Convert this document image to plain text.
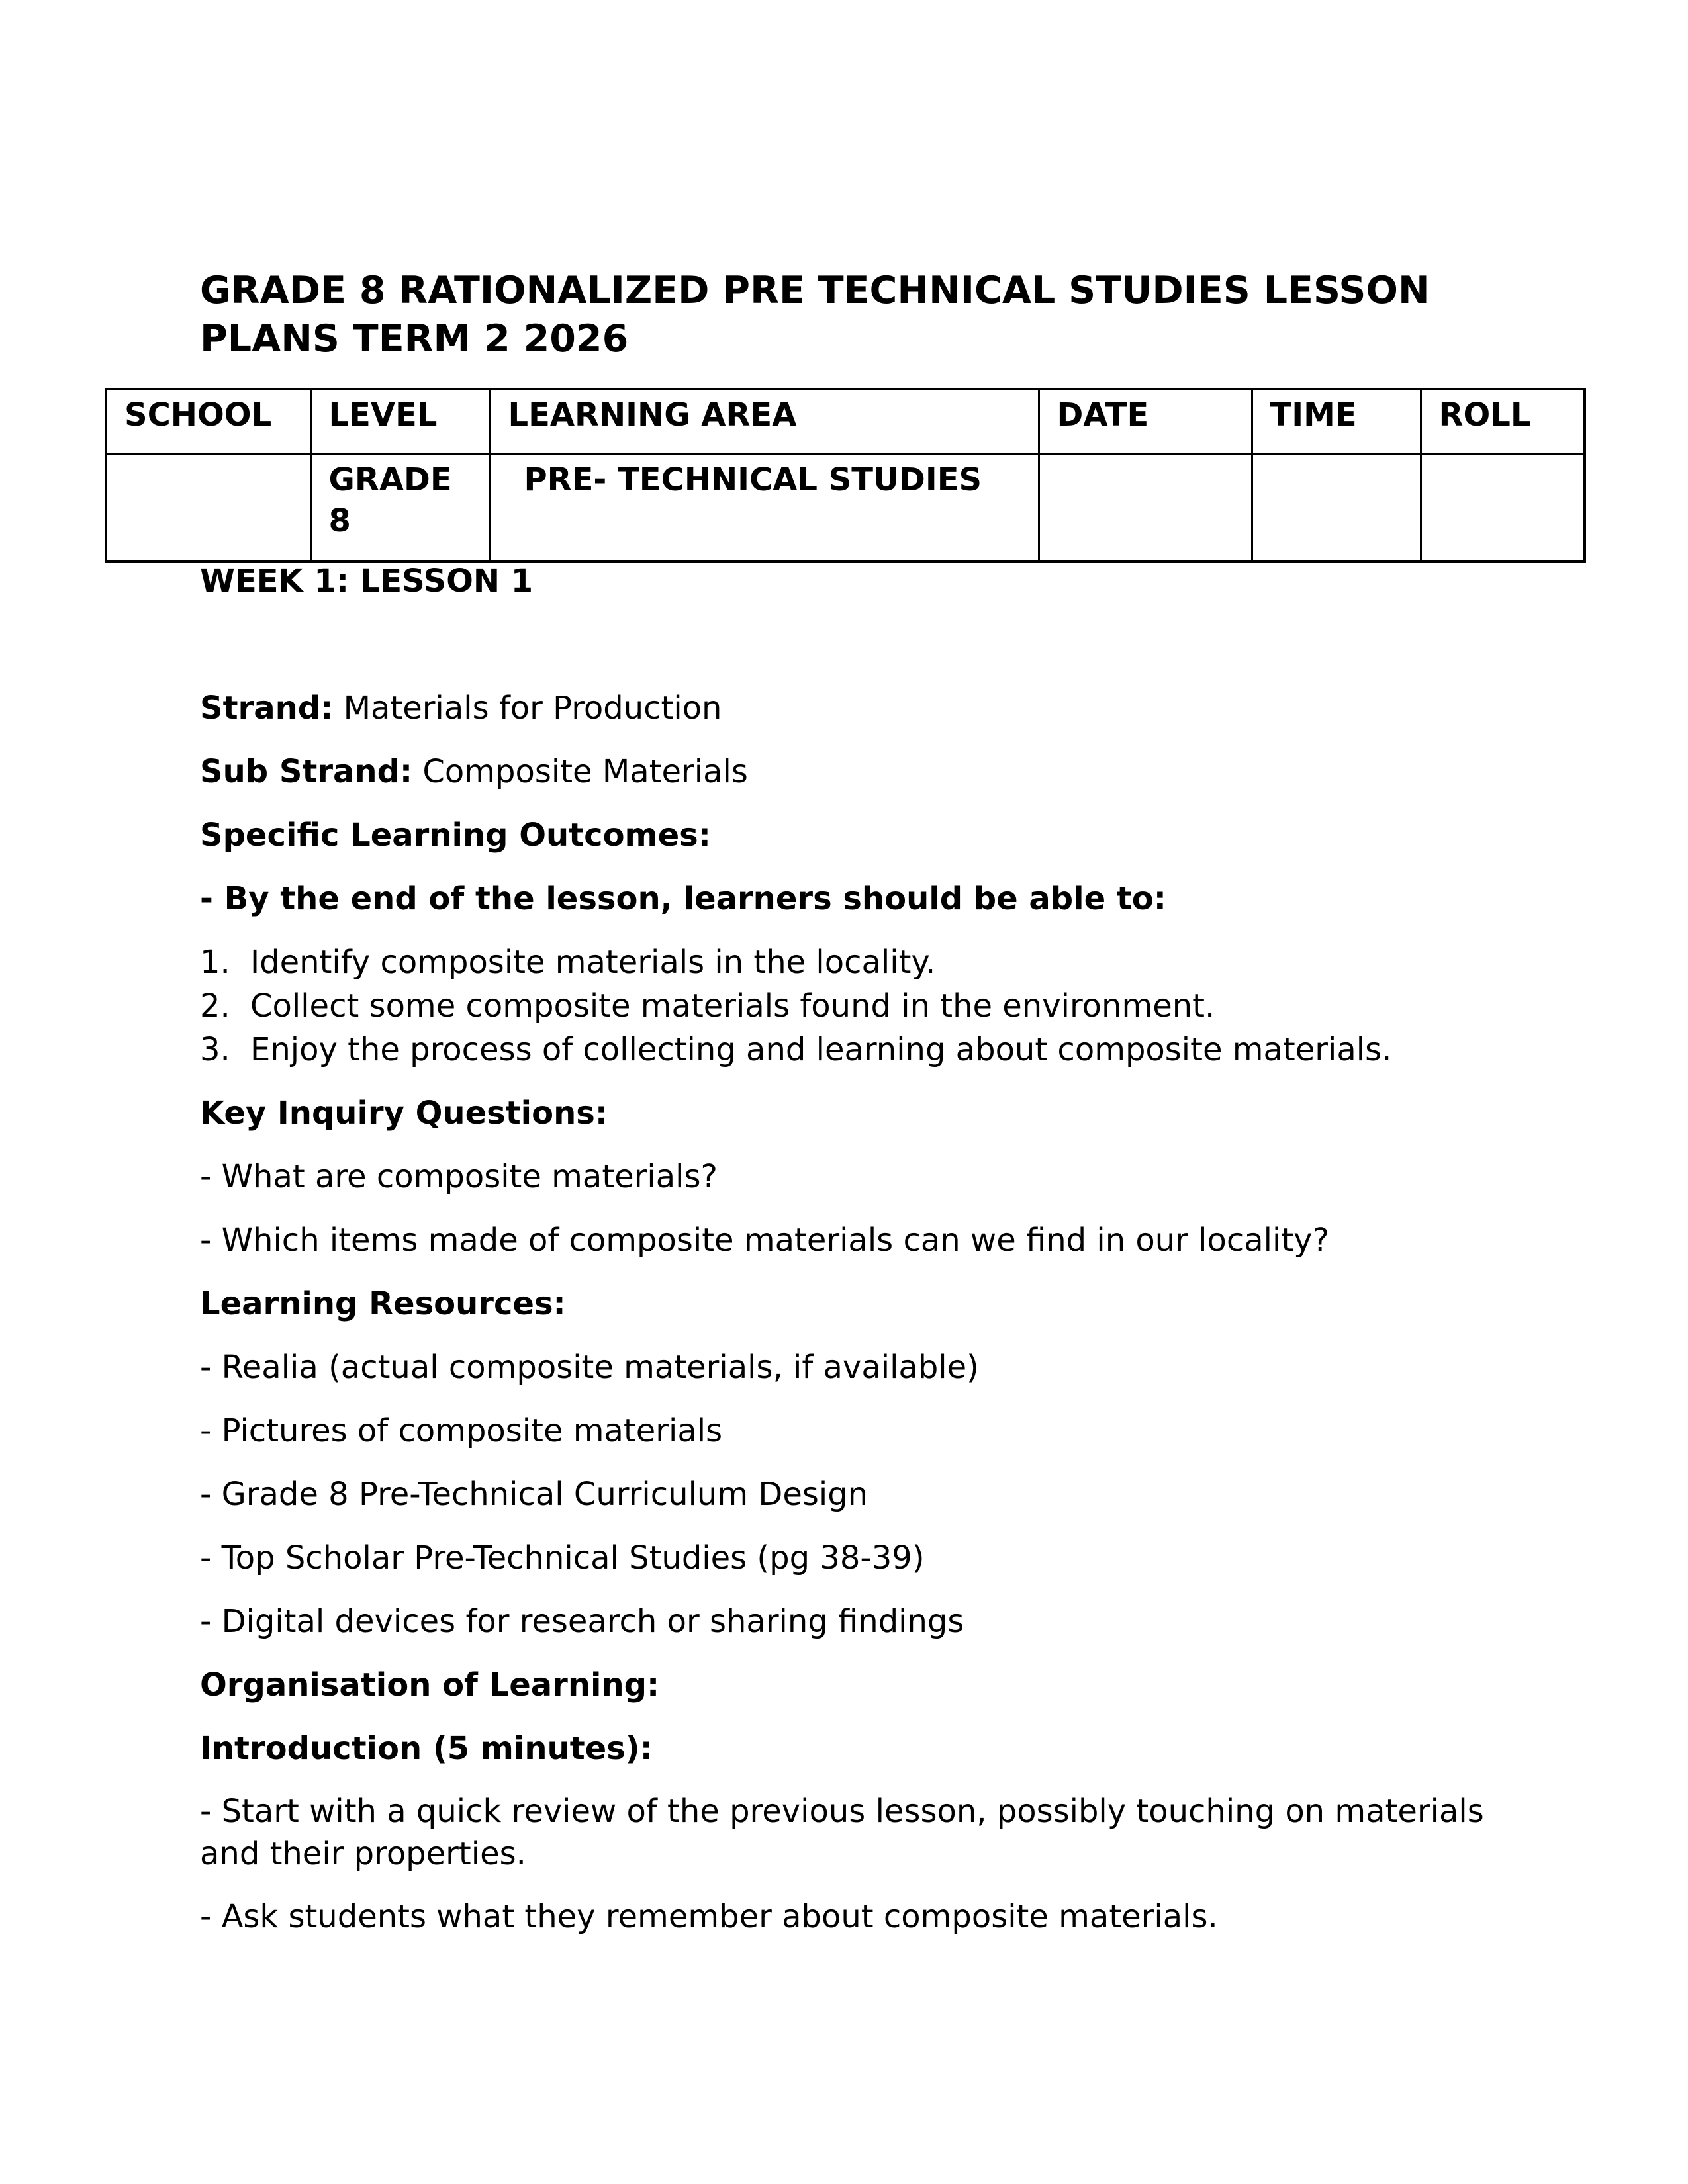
GRADE 8 RATIONALIZED PRE TECHNICAL STUDIES LESSON PLANS TERM 2 2026
SCHOOL	LEVEL	LEARNING AREA	DATE	TIME	ROLL
	GRADE 8	PRE- TECHNICAL STUDIES			
WEEK 1: LESSON 1

Strand: Materials for Production

Sub Strand: Composite Materials

Specific Learning Outcomes:

- By the end of the lesson, learners should be able to:

1. Identify composite materials in the locality.
2. Collect some composite materials found in the environment.
3. Enjoy the process of collecting and learning about composite materials.

Key Inquiry Questions:

- What are composite materials?

- Which items made of composite materials can we find in our locality?

Learning Resources:

- Realia (actual composite materials, if available)

- Pictures of composite materials

- Grade 8 Pre-Technical Curriculum Design

- Top Scholar Pre-Technical Studies (pg 38-39)

- Digital devices for research or sharing findings

Organisation of Learning:

Introduction (5 minutes):

- Start with a quick review of the previous lesson, possibly touching on materials and their properties.

- Ask students what they remember about composite materials.
